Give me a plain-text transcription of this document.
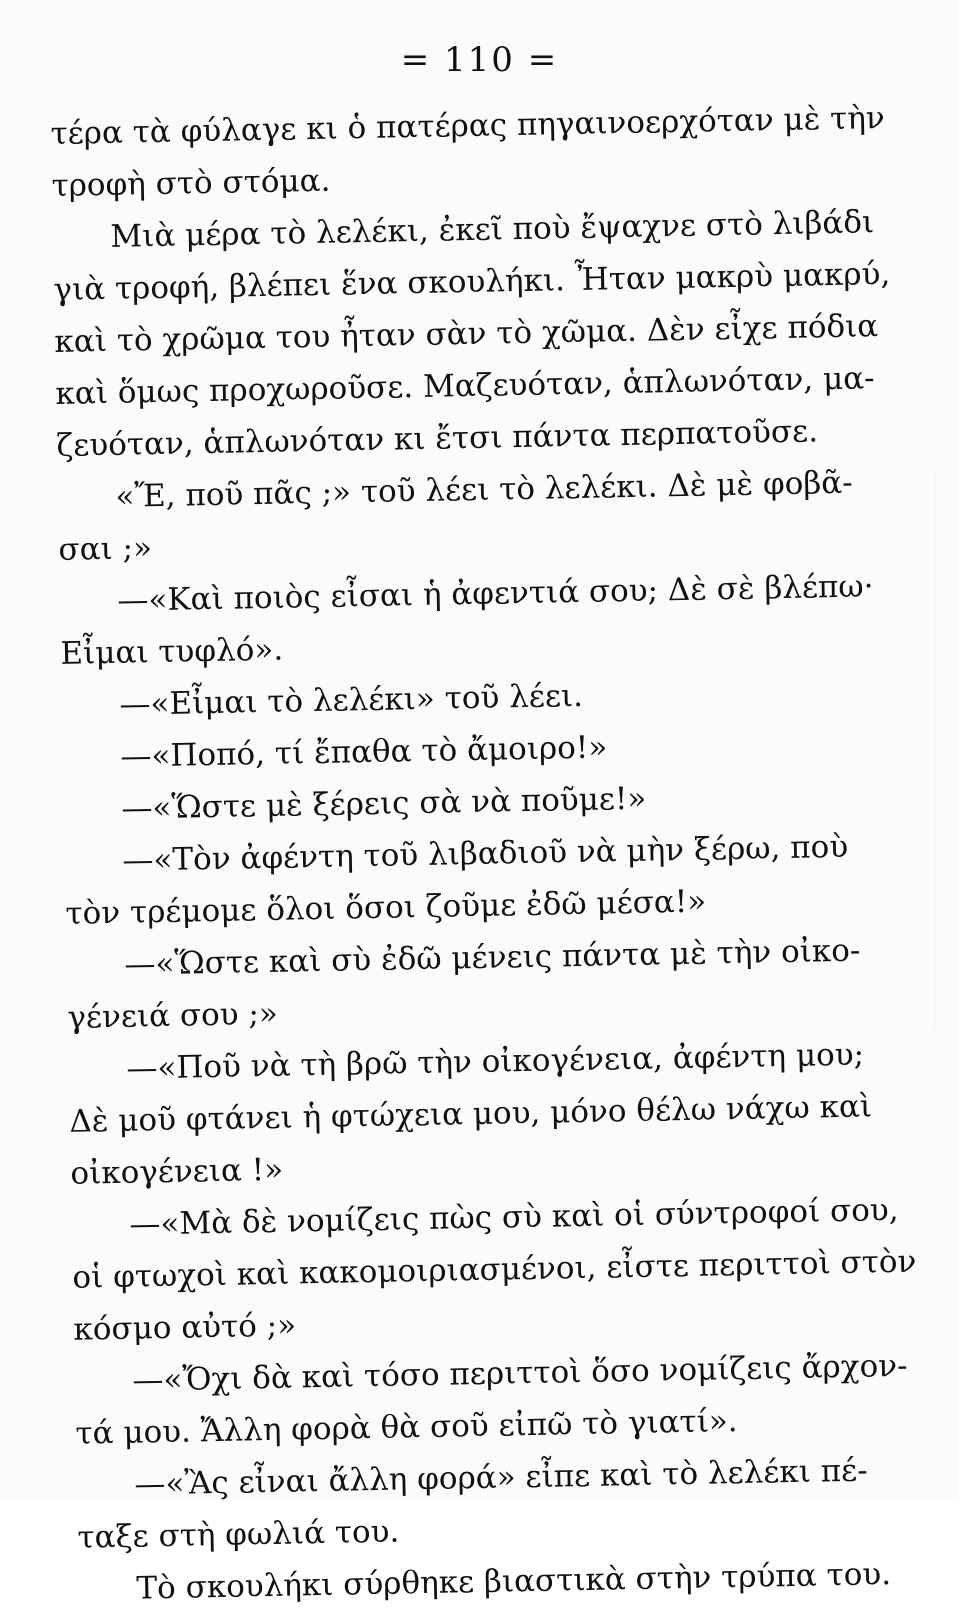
= 110 =
τέρα τὰ φύλαγε κι ὁ πατέρας πηγαινοερχόταν μὲ τὴν
τροφὴ στὸ στόμα.
Μιὰ μέρα τὸ λελέκι, ἐκεῖ ποὺ ἔψαχνε στὸ λιβάδι
γιὰ τροφή, βλέπει ἕνα σκουλήκι. Ἦταν μακρὺ μακρύ,
καὶ τὸ χρῶμα του ἦταν σὰν τὸ χῶμα. Δὲν εἶχε πόδια
καὶ ὅμως προχωροῦσε. Μαζευόταν, ἁπλωνόταν, μα-
ζευόταν, ἁπλωνόταν κι ἔτσι πάντα περπατοῦσε.
«Ἔ, ποῦ πᾶς ;» τοῦ λέει τὸ λελέκι. Δὲ μὲ φοβᾶ-
σαι ;»
—«Καὶ ποιὸς εἶσαι ἡ ἀφεντιά σου; Δὲ σὲ βλέπω·
Εἶμαι τυφλό».
—«Εἶμαι τὸ λελέκι» τοῦ λέει.
—«Ποπό, τί ἔπαθα τὸ ἄμοιρο!»
—«Ὥστε μὲ ξέρεις σὰ νὰ ποῦμε!»
—«Τὸν ἀφέντη τοῦ λιβαδιοῦ νὰ μὴν ξέρω, ποὺ
τὸν τρέμομε ὅλοι ὅσοι ζοῦμε ἐδῶ μέσα!»
—«Ὥστε καὶ σὺ ἐδῶ μένεις πάντα μὲ τὴν οἰκο-
γένειά σου ;»
—«Ποῦ νὰ τὴ βρῶ τὴν οἰκογένεια, ἀφέντη μου;
Δὲ μοῦ φτάνει ἡ φτώχεια μου, μόνο θέλω νάχω καὶ
οἰκογένεια !»
—«Μὰ δὲ νομίζεις πὼς σὺ καὶ οἱ σύντροφοί σου,
οἱ φτωχοὶ καὶ κακομοιριασμένοι, εἶστε περιττοὶ στὸν
κόσμο αὐτό ;»
—«Ὄχι δὰ καὶ τόσο περιττοὶ ὅσο νομίζεις ἄρχον-
τά μου. Ἄλλη φορὰ θὰ σοῦ εἰπῶ τὸ γιατί».
—«Ἂς εἶναι ἄλλη φορά» εἶπε καὶ τὸ λελέκι πέ-
ταξε στὴ φωλιά του.
Τὸ σκουλήκι σύρθηκε βιαστικὰ στὴν τρύπα του.
